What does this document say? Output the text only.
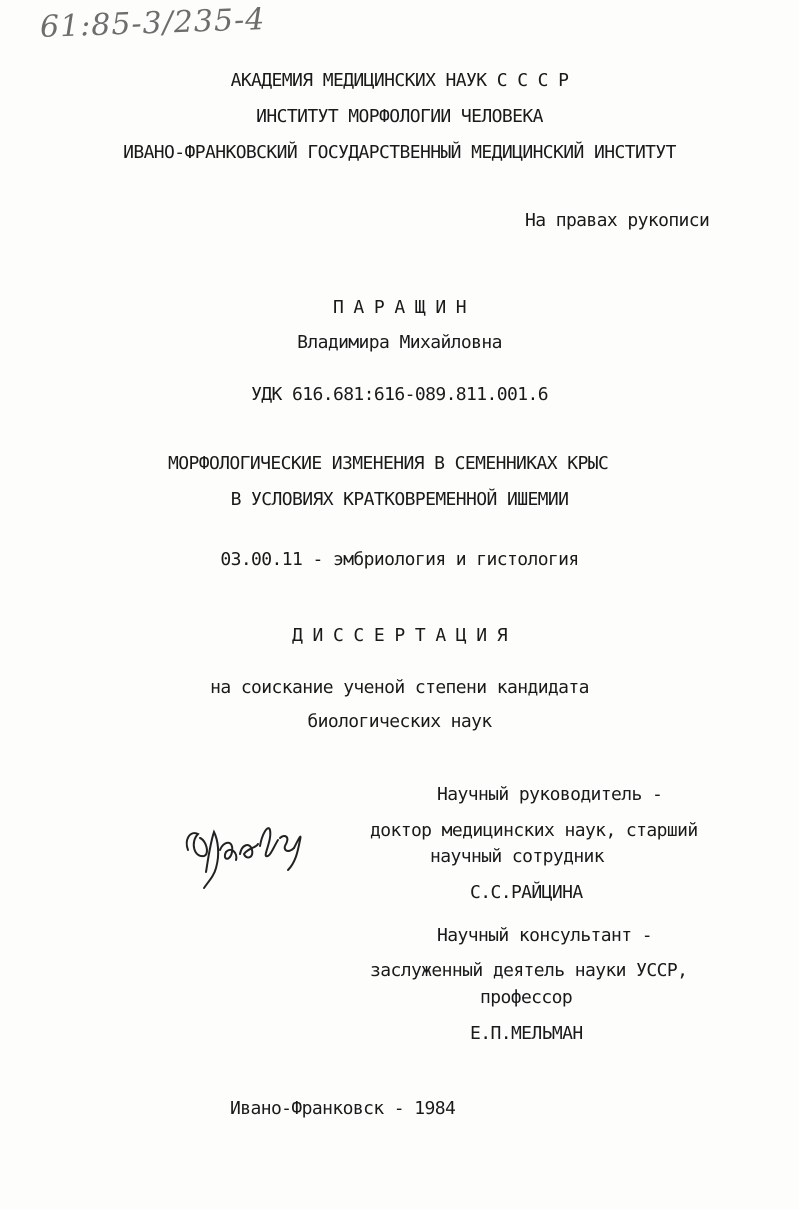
61:85-3/235-4
АКАДЕМИЯ МЕДИЦИНСКИХ НАУК С С С Р
ИНСТИТУТ МОРФОЛОГИИ ЧЕЛОВЕКА
ИВАНО-ФРАНКОВСКИЙ ГОСУДАРСТВЕННЫЙ МЕДИЦИНСКИЙ ИНСТИТУТ
На правах рукописи
П А Р А Щ И Н
Владимира Михайловна
УДК 616.681:616-089.811.001.6
МОРФОЛОГИЧЕСКИЕ ИЗМЕНЕНИЯ В СЕМЕННИКАХ КРЫС
В УСЛОВИЯХ КРАТКОВРЕМЕННОЙ ИШЕМИИ
03.00.11 - эмбриология и гистология
Д И С С Е Р Т А Ц И Я
на соискание ученой степени кандидата
биологических наук
Научный руководитель -
доктор медицинских наук, старший
научный сотрудник
С.С.РАЙЦИНА
Научный консультант -
заслуженный деятель науки УССР,
профессор
Е.П.МЕЛЬМАН
Ивано-Франковск - 1984
